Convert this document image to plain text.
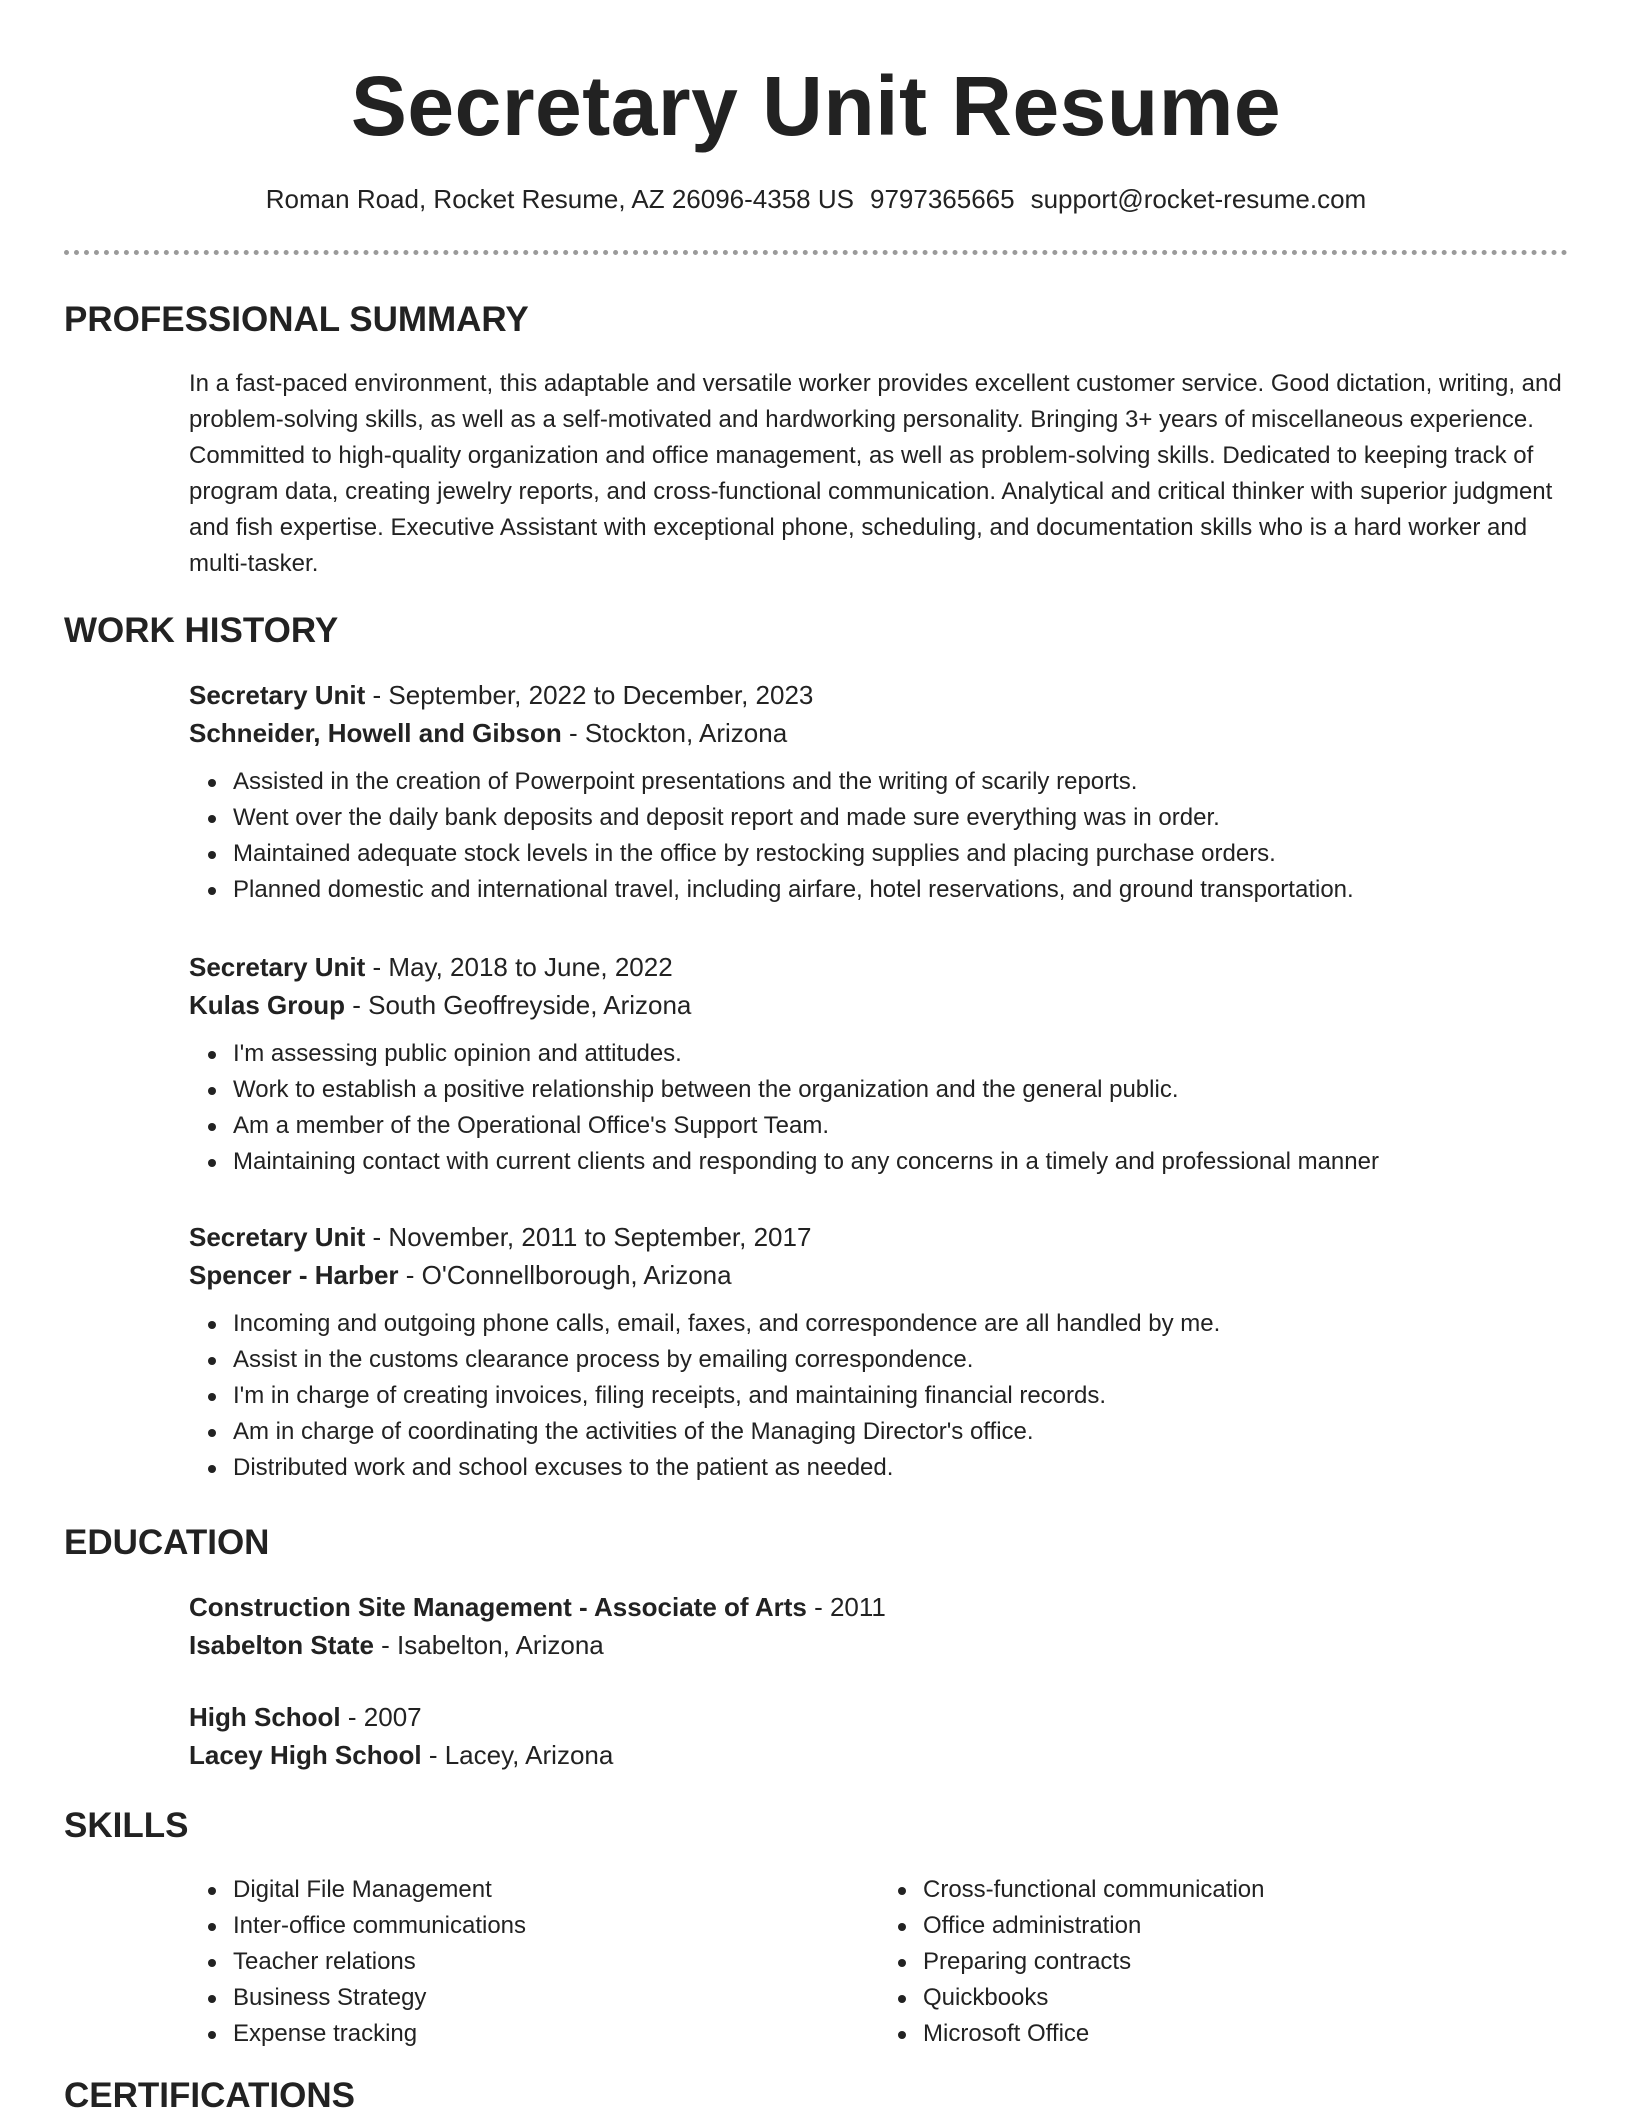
Secretary Unit Resume
Roman Road, Rocket Resume, AZ 26096-4358 US 9797365665 support@rocket-resume.com
PROFESSIONAL SUMMARY
In a fast-paced environment, this adaptable and versatile worker provides excellent customer service. Good dictation, writing, and problem-solving skills, as well as a self-motivated and hardworking personality. Bringing 3+ years of miscellaneous experience. Committed to high-quality organization and office management, as well as problem-solving skills. Dedicated to keeping track of program data, creating jewelry reports, and cross-functional communication. Analytical and critical thinker with superior judgment and fish expertise. Executive Assistant with exceptional phone, scheduling, and documentation skills who is a hard worker and multi-tasker.
WORK HISTORY
Secretary Unit - September, 2022 to December, 2023
Schneider, Howell and Gibson - Stockton, Arizona
Assisted in the creation of Powerpoint presentations and the writing of scarily reports.
Went over the daily bank deposits and deposit report and made sure everything was in order.
Maintained adequate stock levels in the office by restocking supplies and placing purchase orders.
Planned domestic and international travel, including airfare, hotel reservations, and ground transportation.
Secretary Unit - May, 2018 to June, 2022
Kulas Group - South Geoffreyside, Arizona
I'm assessing public opinion and attitudes.
Work to establish a positive relationship between the organization and the general public.
Am a member of the Operational Office's Support Team.
Maintaining contact with current clients and responding to any concerns in a timely and professional manner
Secretary Unit - November, 2011 to September, 2017
Spencer - Harber - O'Connellborough, Arizona
Incoming and outgoing phone calls, email, faxes, and correspondence are all handled by me.
Assist in the customs clearance process by emailing correspondence.
I'm in charge of creating invoices, filing receipts, and maintaining financial records.
Am in charge of coordinating the activities of the Managing Director's office.
Distributed work and school excuses to the patient as needed.
EDUCATION
Construction Site Management - Associate of Arts - 2011
Isabelton State - Isabelton, Arizona
High School - 2007
Lacey High School - Lacey, Arizona
SKILLS
Digital File Management
Inter-office communications
Teacher relations
Business Strategy
Expense tracking
Cross-functional communication
Office administration
Preparing contracts
Quickbooks
Microsoft Office
CERTIFICATIONS
